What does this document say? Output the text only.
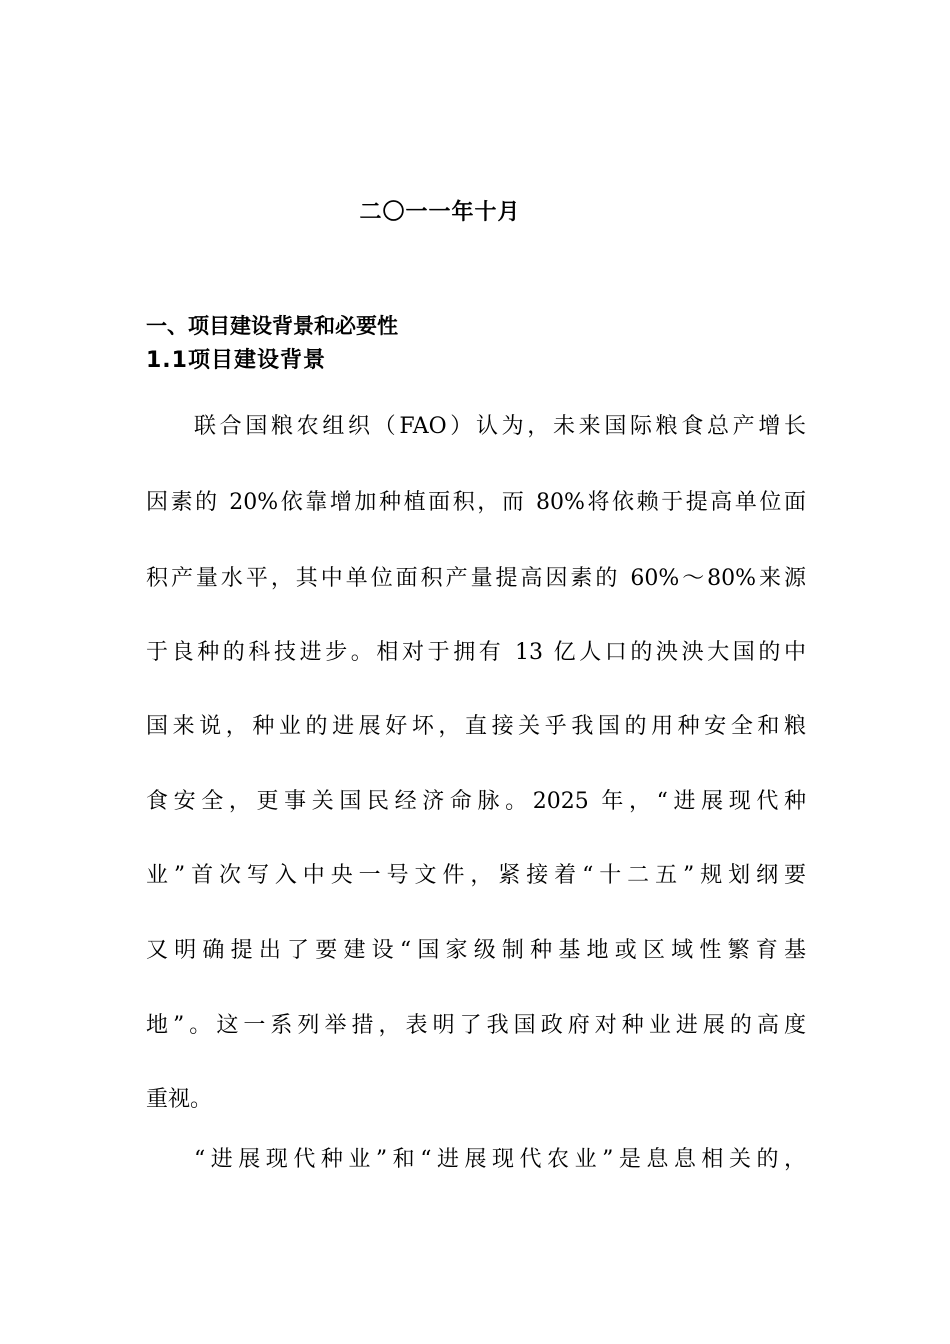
二〇一一年十月
一、项目建设背景和必要性
1.1项目建设背景
联合国粮农组织（FAO）认为，未来国际粮食总产增长
因素的 20%依靠增加种植面积，而 80%将依赖于提高单位面
积产量水平，其中单位面积产量提高因素的 60%～80%来源
于良种的科技进步。相对于拥有 13 亿人口的泱泱大国的中
国来说，种业的进展好坏，直接关乎我国的用种安全和粮
食安全，更事关国民经济命脉。2025 年，“进展现代种
业”首次写入中央一号文件，紧接着“十二五”规划纲要
又明确提出了要建设“国家级制种基地或区域性繁育基
地”。这一系列举措，表明了我国政府对种业进展的高度
重视。
“进展现代种业”和“进展现代农业”是息息相关的，
